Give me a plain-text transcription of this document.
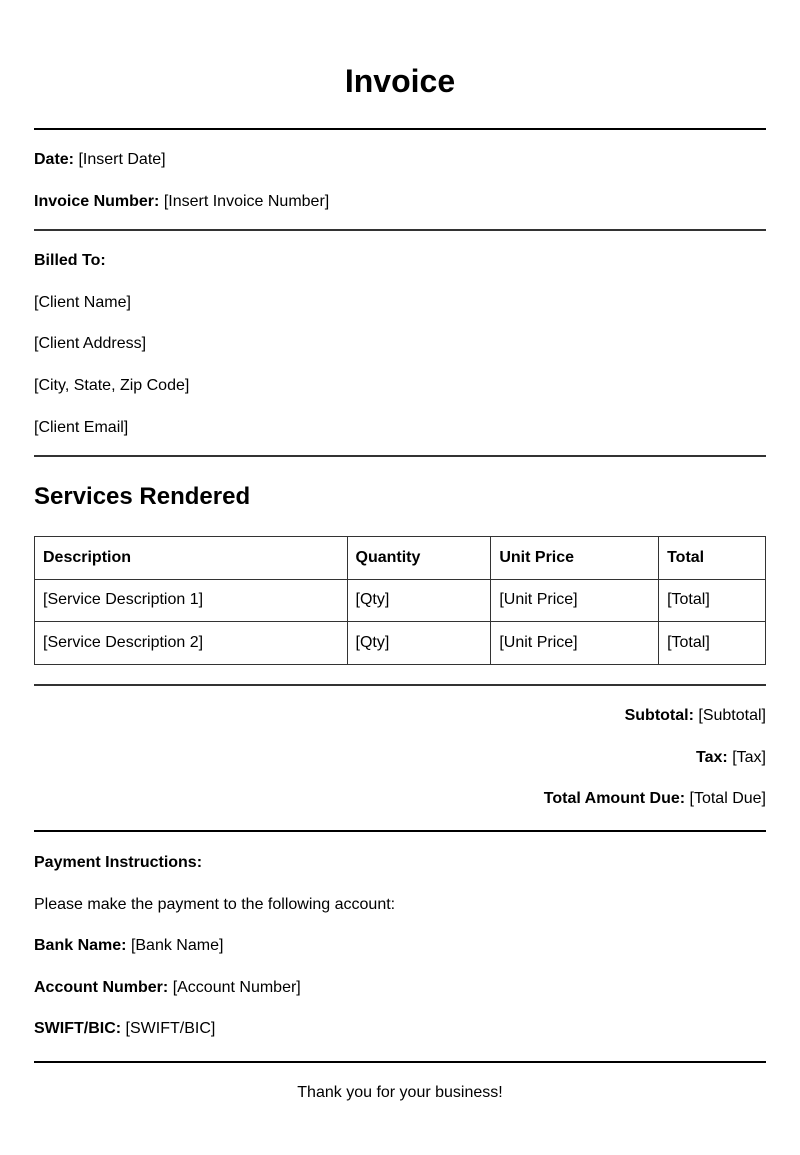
Invoice
Date: [Insert Date]
Invoice Number: [Insert Invoice Number]
Billed To:
[Client Name]
[Client Address]
[City, State, Zip Code]
[Client Email]
Services Rendered
Description	Quantity	Unit Price	Total
[Service Description 1]	[Qty]	[Unit Price]	[Total]
[Service Description 2]	[Qty]	[Unit Price]	[Total]
Subtotal: [Subtotal]
Tax: [Tax]
Total Amount Due: [Total Due]
Payment Instructions:
Please make the payment to the following account:
Bank Name: [Bank Name]
Account Number: [Account Number]
SWIFT/BIC: [SWIFT/BIC]
Thank you for your business!
